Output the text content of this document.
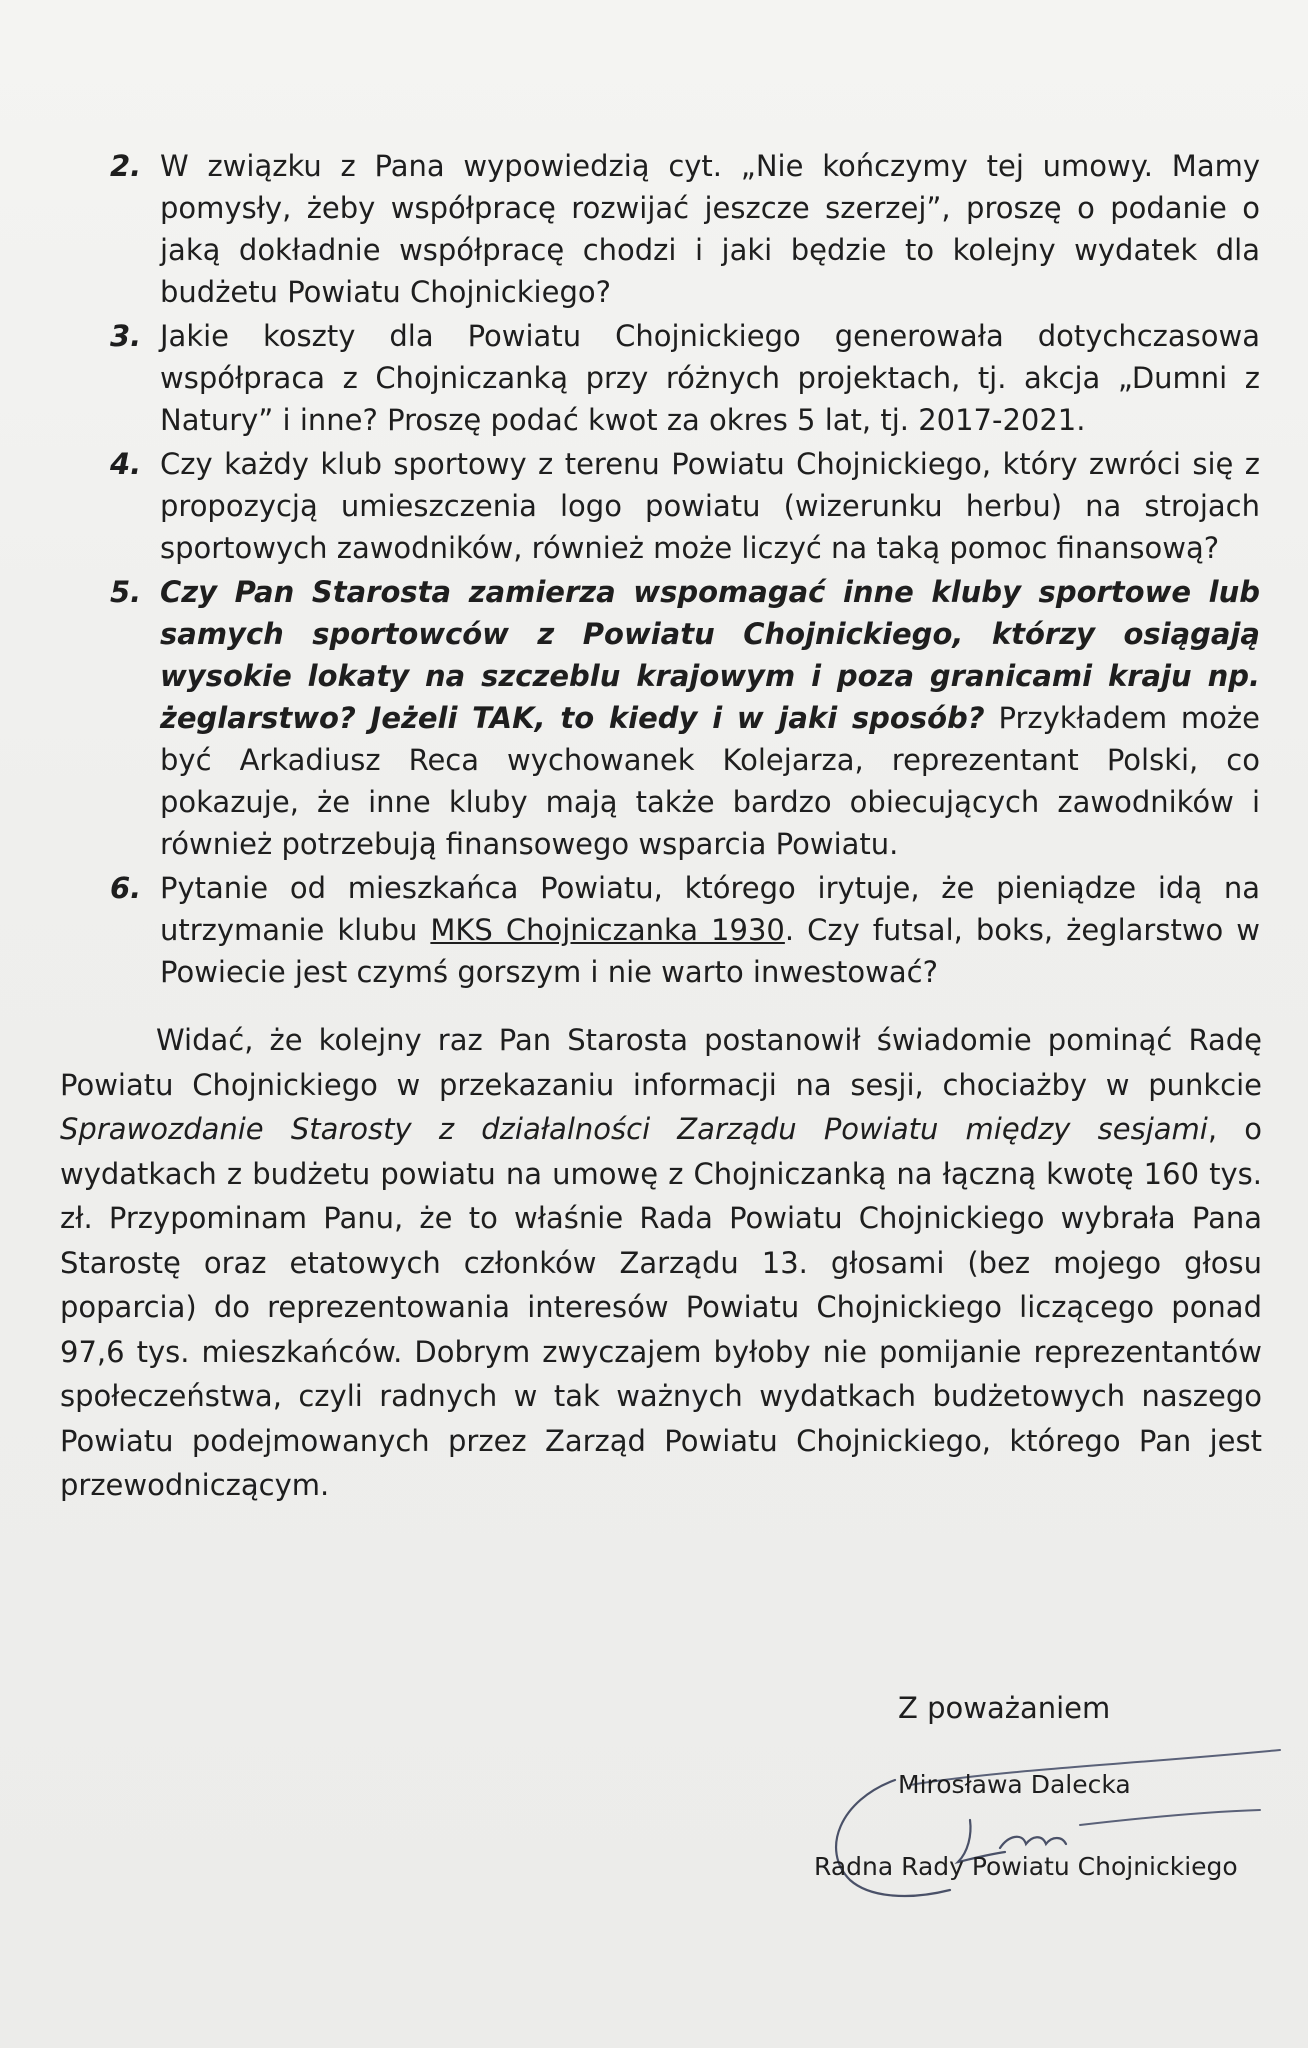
2. W związku z Pana wypowiedzią cyt. „Nie kończymy tej umowy. Mamy pomysły, żeby współpracę rozwijać jeszcze szerzej”, proszę o podanie o jaką dokładnie współpracę chodzi i jaki będzie to kolejny wydatek dla budżetu Powiatu Chojnickiego?
3. Jakie koszty dla Powiatu Chojnickiego generowała dotychczasowa współpraca z Chojniczanką przy różnych projektach, tj. akcja „Dumni z Natury” i inne? Proszę podać kwot za okres 5 lat, tj. 2017-2021.
4. Czy każdy klub sportowy z terenu Powiatu Chojnickiego, który zwróci się z propozycją umieszczenia logo powiatu (wizerunku herbu) na strojach sportowych zawodników, również może liczyć na taką pomoc finansową?
5. Czy Pan Starosta zamierza wspomagać inne kluby sportowe lub samych sportowców z Powiatu Chojnickiego, którzy osiągają wysokie lokaty na szczeblu krajowym i poza granicami kraju np. żeglarstwo? Jeżeli TAK, to kiedy i w jaki sposób? Przykładem może być Arkadiusz Reca wychowanek Kolejarza, reprezentant Polski, co pokazuje, że inne kluby mają także bardzo obiecujących zawodników i również potrzebują finansowego wsparcia Powiatu.
6. Pytanie od mieszkańca Powiatu, którego irytuje, że pieniądze idą na utrzymanie klubu MKS Chojniczanka 1930. Czy futsal, boks, żeglarstwo w Powiecie jest czymś gorszym i nie warto inwestować?

Widać, że kolejny raz Pan Starosta postanowił świadomie pominąć Radę Powiatu Chojnickiego w przekazaniu informacji na sesji, chociażby w punkcie Sprawozdanie Starosty z działalności Zarządu Powiatu między sesjami, o wydatkach z budżetu powiatu na umowę z Chojniczanką na łączną kwotę 160 tys. zł. Przypominam Panu, że to właśnie Rada Powiatu Chojnickiego wybrała Pana Starostę oraz etatowych członków Zarządu 13. głosami (bez mojego głosu poparcia) do reprezentowania interesów Powiatu Chojnickiego liczącego ponad 97,6 tys. mieszkańców. Dobrym zwyczajem byłoby nie pomijanie reprezentantów społeczeństwa, czyli radnych w tak ważnych wydatkach budżetowych naszego Powiatu podejmowanych przez Zarząd Powiatu Chojnickiego, którego Pan jest przewodniczącym.

Z poważaniem
Mirosława Dalecka
Radna Rady Powiatu Chojnickiego
